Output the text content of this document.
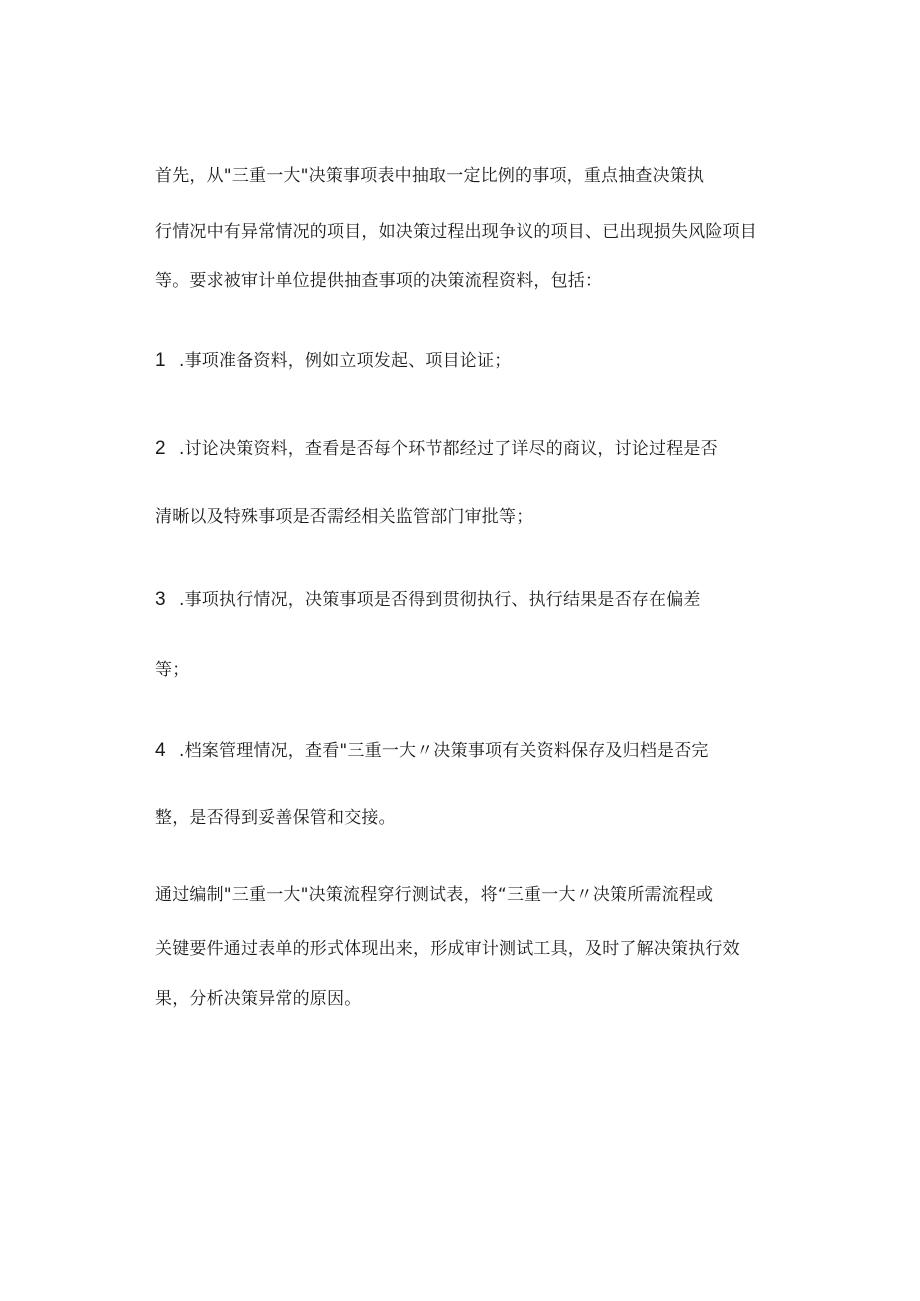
首先，从"三重一大"决策事项表中抽取一定比例的事项，重点抽查决策执
行情况中有异常情况的项目，如决策过程出现争议的项目、已出现损失风险项目
等。要求被审计单位提供抽查事项的决策流程资料，包括：
1 .事项准备资料，例如立项发起、项目论证；
2 .讨论决策资料，查看是否每个环节都经过了详尽的商议，讨论过程是否
清晰以及特殊事项是否需经相关监管部门审批等；
3 .事项执行情况，决策事项是否得到贯彻执行、执行结果是否存在偏差
等；
4 .档案管理情况，查看"三重一大〃决策事项有关资料保存及归档是否完
整，是否得到妥善保管和交接。
通过编制"三重一大"决策流程穿行测试表，将“三重一大〃决策所需流程或
关键要件通过表单的形式体现出来，形成审计测试工具，及时了解决策执行效
果，分析决策异常的原因。
